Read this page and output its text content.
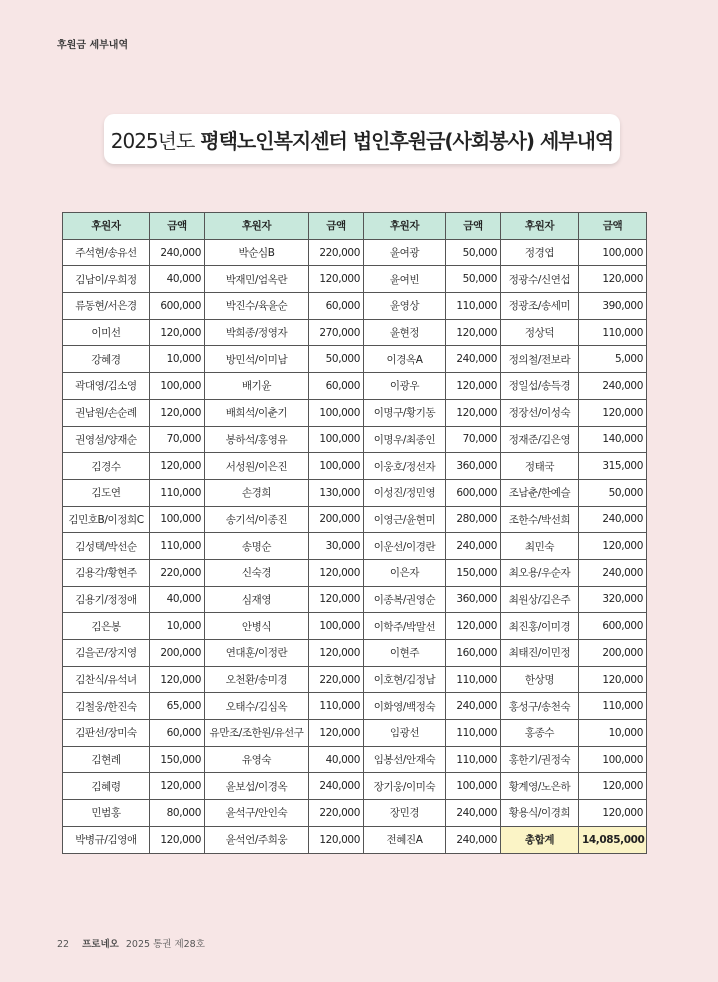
후원금 세부내역
2025년도 평택노인복지센터 법인후원금(사회봉사) 세부내역
후원자	금액	후원자	금액	후원자	금액	후원자	금액
주석현/송유선	240,000	박순심B	220,000	윤여광	50,000	정경엽	100,000
김남이/우희정	40,000	박재민/엄옥란	120,000	윤여빈	50,000	정광수/신연섭	120,000
류동현/서은경	600,000	박진수/육윤순	60,000	윤영상	110,000	정광조/송세미	390,000
이미선	120,000	박희종/정영자	270,000	윤현정	120,000	정상덕	110,000
강혜경	10,000	방민석/이미남	50,000	이경옥A	240,000	정의철/전보라	5,000
곽대영/김소영	100,000	배기윤	60,000	이광우	120,000	정일섭/송득경	240,000
권남원/손순례	120,000	배희석/이춘기	100,000	이명구/황기동	120,000	정장선/이성숙	120,000
권영설/양재순	70,000	봉하석/홍영유	100,000	이명우/최종인	70,000	정재준/김은영	140,000
김경수	120,000	서성원/이은진	100,000	이웅호/정선자	360,000	정태국	315,000
김도연	110,000	손경희	130,000	이성진/정민영	600,000	조남춘/한예슬	50,000
김민호B/이정희C	100,000	송기석/이종진	200,000	이영근/윤현미	280,000	조한수/박선희	240,000
김성택/박선순	110,000	송명순	30,000	이운선/이경란	240,000	최민숙	120,000
김용각/황현주	220,000	신숙경	120,000	이은자	150,000	최오용/우순자	240,000
김용기/정정애	40,000	심재영	120,000	이종복/권영순	360,000	최원상/김은주	320,000
김은봉	10,000	안병식	100,000	이학주/박말선	120,000	최진홍/이미경	600,000
김을곤/장지영	200,000	연대훈/이정란	120,000	이현주	160,000	최태진/이민정	200,000
김찬식/유석녀	120,000	오천환/송미경	220,000	이호현/김정남	110,000	한상명	120,000
김철웅/한진숙	65,000	오태수/김심옥	110,000	이화영/백정숙	240,000	홍성구/송천숙	110,000
김판선/장미숙	60,000	유만조/조한원/유선구	120,000	임광선	110,000	홍종수	10,000
김현례	150,000	유영숙	40,000	임봉선/안재숙	110,000	홍한기/권정숙	100,000
김혜령	120,000	윤보섭/이경옥	240,000	장기웅/이미숙	100,000	황계영/노은하	120,000
민범홍	80,000	윤석구/안인숙	220,000	장민경	240,000	황용식/이경희	120,000
박병규/김영애	120,000	윤석언/주희웅	120,000	전혜진A	240,000	총합계	14,085,000
22 프로네오 2025 통권 제28호
